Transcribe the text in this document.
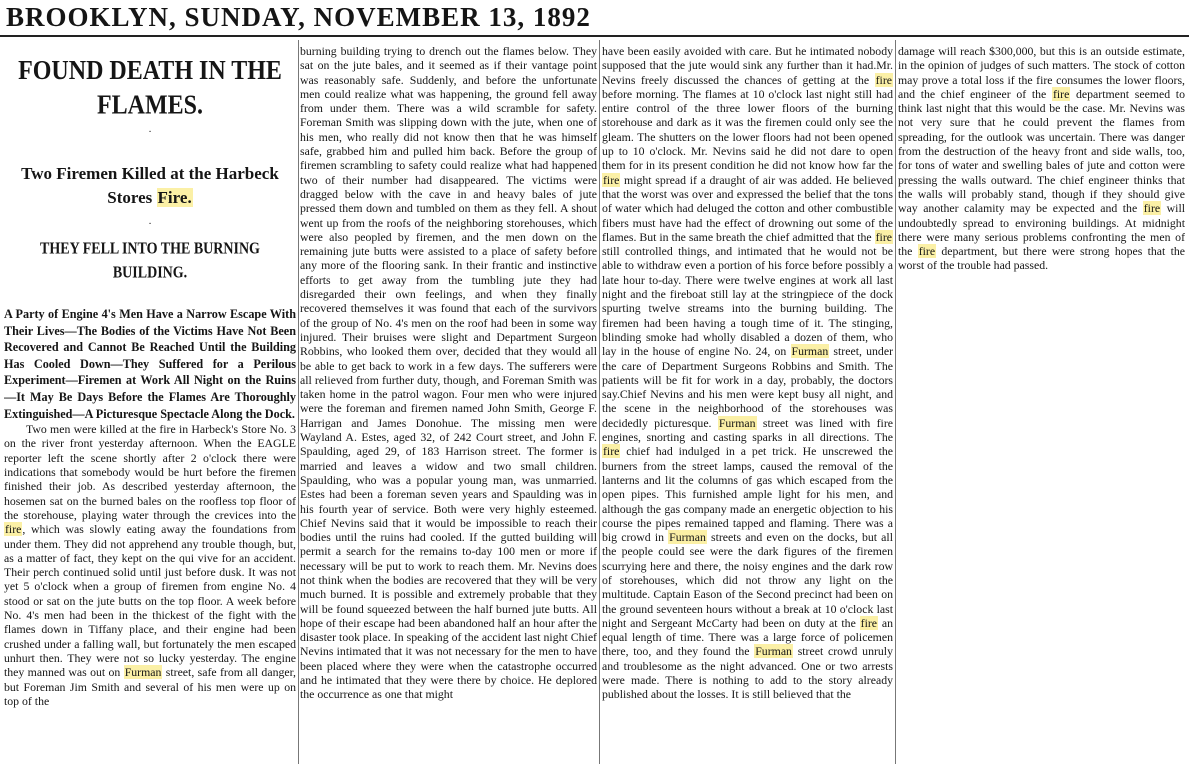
BROOKLYN, SUNDAY, NOVEMBER 13, 1892
FOUND DEATH IN THE FLAMES.
·
Two Firemen Killed at the Harbeck Stores Fire.
·
THEY FELL INTO THE BURNING BUILDING.

A Party of Engine 4's Men Have a Narrow Escape With Their Lives—The Bodies of the Victims Have Not Been Recovered and Cannot Be Reached Until the Building Has Cooled Down—They Suffered for a Perilous Experiment—Firemen at Work All Night on the Ruins—It May Be Days Before the Flames Are Thoroughly Extinguished—A Picturesque Spectacle Along the Dock.

Two men were killed at the fire in Harbeck's Store No. 3 on the river front yesterday afternoon. When the EAGLE reporter left the scene shortly after 2 o'clock there were indications that somebody would be hurt before the firemen finished their job. As described yesterday afternoon, the hosemen sat on the burned bales on the roofless top floor of the storehouse, playing water through the crevices into the fire, which was slowly eating away the foundations from under them. They did not apprehend any trouble though, but, as a matter of fact, they kept on the qui vive for an accident. Their perch continued solid until just before dusk. It was not yet 5 o'clock when a group of firemen from engine No. 4 stood or sat on the jute butts on the top floor. A week before No. 4's men had been in the thickest of the fight with the flames down in Tiffany place, and their engine had been crushed under a falling wall, but fortunately the men escaped unhurt then. They were not so lucky yesterday. The engine they manned was out on Furman street, safe from all danger, but Foreman Jim Smith and several of his men were up on top of the

burning building trying to drench out the flames below. They sat on the jute bales, and it seemed as if their vantage point was reasonably safe. Suddenly, and before the unfortunate men could realize what was happening, the ground fell away from under them. There was a wild scramble for safety. Foreman Smith was slipping down with the jute, when one of his men, who really did not know then that he was himself safe, grabbed him and pulled him back. Before the group of firemen scrambling to safety could realize what had happened two of their number had disappeared. The victims were dragged below with the cave in and heavy bales of jute pressed them down and tumbled on them as they fell. A shout went up from the roofs of the neighboring storehouses, which were also peopled by firemen, and the men down on the remaining jute butts were assisted to a place of safety before any more of the flooring sank. In their frantic and instinctive efforts to get away from the tumbling jute they had disregarded their own feelings, and when they finally recovered themselves it was found that each of the survivors of the group of No. 4's men on the roof had been in some way injured. Their bruises were slight and Department Surgeon Robbins, who looked them over, decided that they would all be able to get back to work in a few days. The sufferers were all relieved from further duty, though, and Foreman Smith was taken home in the patrol wagon. Four men who were injured were the foreman and firemen named John Smith, George F. Harrigan and James Donohue. The missing men were Wayland A. Estes, aged 32, of 242 Court street, and John F. Spaulding, aged 29, of 183 Harrison street. The former is married and leaves a widow and two small children. Spaulding, who was a popular young man, was unmarried. Estes had been a foreman seven years and Spaulding was in his fourth year of service. Both were very highly esteemed. Chief Nevins said that it would be impossible to reach their bodies until the ruins had cooled. If the gutted building will permit a search for the remains to-day 100 men or more if necessary will be put to work to reach them. Mr. Nevins does not think when the bodies are recovered that they will be very much burned. It is possible and extremely probable that they will be found squeezed between the half burned jute butts. All hope of their escape had been abandoned half an hour after the disaster took place. In speaking of the accident last night Chief Nevins intimated that it was not necessary for the men to have been placed where they were when the catastrophe occurred and he intimated that they were there by choice. He deplored the occurrence as one that might

have been easily avoided with care. But he intimated nobody supposed that the jute would sink any further than it had.Mr. Nevins freely discussed the chances of getting at the fire before morning. The flames at 10 o'clock last night still had entire control of the three lower floors of the burning storehouse and dark as it was the firemen could only see the gleam. The shutters on the lower floors had not been opened up to 10 o'clock. Mr. Nevins said he did not dare to open them for in its present condition he did not know how far the fire might spread if a draught of air was added. He believed that the worst was over and expressed the belief that the tons of water which had deluged the cotton and other combustible fibers must have had the effect of drowning out some of the flames. But in the same breath the chief admitted that the fire still controlled things, and intimated that he would not be able to withdraw even a portion of his force before possibly a late hour to-day. There were twelve engines at work all last night and the fireboat still lay at the stringpiece of the dock spurting twelve streams into the burning building. The firemen had been having a tough time of it. The stinging, blinding smoke had wholly disabled a dozen of them, who lay in the house of engine No. 24, on Furman street, under the care of Department Surgeons Robbins and Smith. The patients will be fit for work in a day, probably, the doctors say.Chief Nevins and his men were kept busy all night, and the scene in the neighborhood of the storehouses was decidedly picturesque. Furman street was lined with fire engines, snorting and casting sparks in all directions. The fire chief had indulged in a pet trick. He unscrewed the burners from the street lamps, caused the removal of the lanterns and lit the columns of gas which escaped from the open pipes. This furnished ample light for his men, and although the gas company made an energetic objection to his course the pipes remained tapped and flaming. There was a big crowd in Furman streets and even on the docks, but all the people could see were the dark figures of the firemen scurrying here and there, the noisy engines and the dark row of storehouses, which did not throw any light on the multitude. Captain Eason of the Second precinct had been on the ground seventeen hours without a break at 10 o'clock last night and Sergeant McCarty had been on duty at the fire an equal length of time. There was a large force of policemen there, too, and they found the Furman street crowd unruly and troublesome as the night advanced. One or two arrests were made. There is nothing to add to the story already published about the losses. It is still believed that the

damage will reach $300,000, but this is an outside estimate, in the opinion of judges of such matters. The stock of cotton may prove a total loss if the fire consumes the lower floors, and the chief engineer of the fire department seemed to think last night that this would be the case. Mr. Nevins was not very sure that he could prevent the flames from spreading, for the outlook was uncertain. There was danger from the destruction of the heavy front and side walls, too, for tons of water and swelling bales of jute and cotton were pressing the walls outward. The chief engineer thinks that the walls will probably stand, though if they should give way another calamity may be expected and the fire will undoubtedly spread to environing buildings. At midnight there were many serious problems confronting the men of the fire department, but there were strong hopes that the worst of the trouble had passed.
